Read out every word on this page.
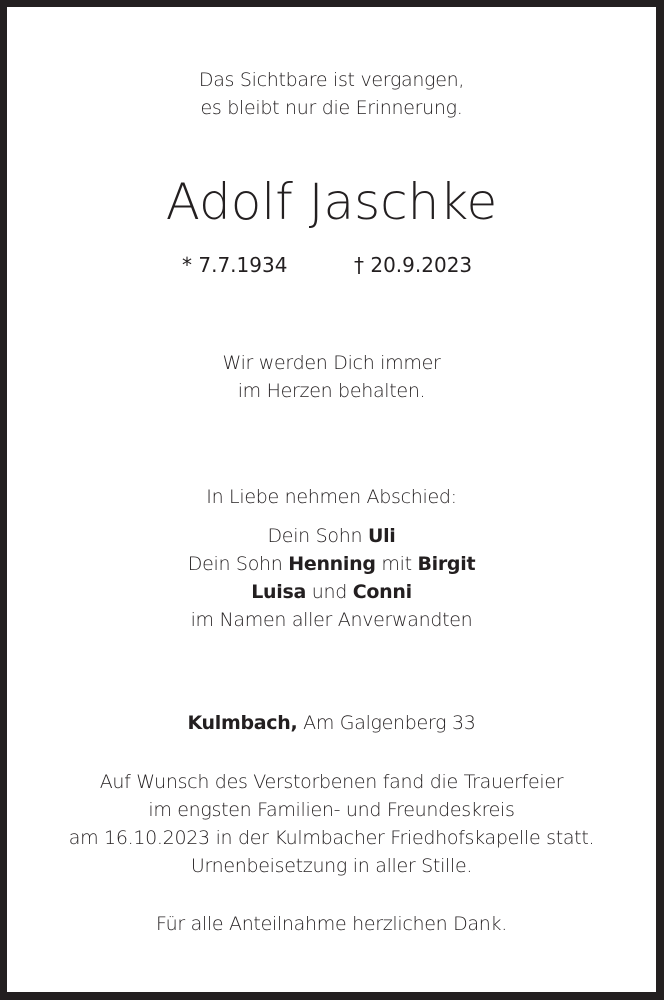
Das Sichtbare ist vergangen,
es bleibt nur die Erinnerung.
Adolf Jaschke
* 7.7.1934	† 20.9.2023
Wir werden Dich immer
im Herzen behalten.
In Liebe nehmen Abschied:
Dein Sohn Uli
Dein Sohn Henning mit Birgit
Luisa und Conni
im Namen aller Anverwandten
Kulmbach, Am Galgenberg 33
Auf Wunsch des Verstorbenen fand die Trauerfeier
im engsten Familien- und Freundeskreis
am 16.10.2023 in der Kulmbacher Friedhofskapelle statt.
Urnenbeisetzung in aller Stille.
Für alle Anteilnahme herzlichen Dank.
